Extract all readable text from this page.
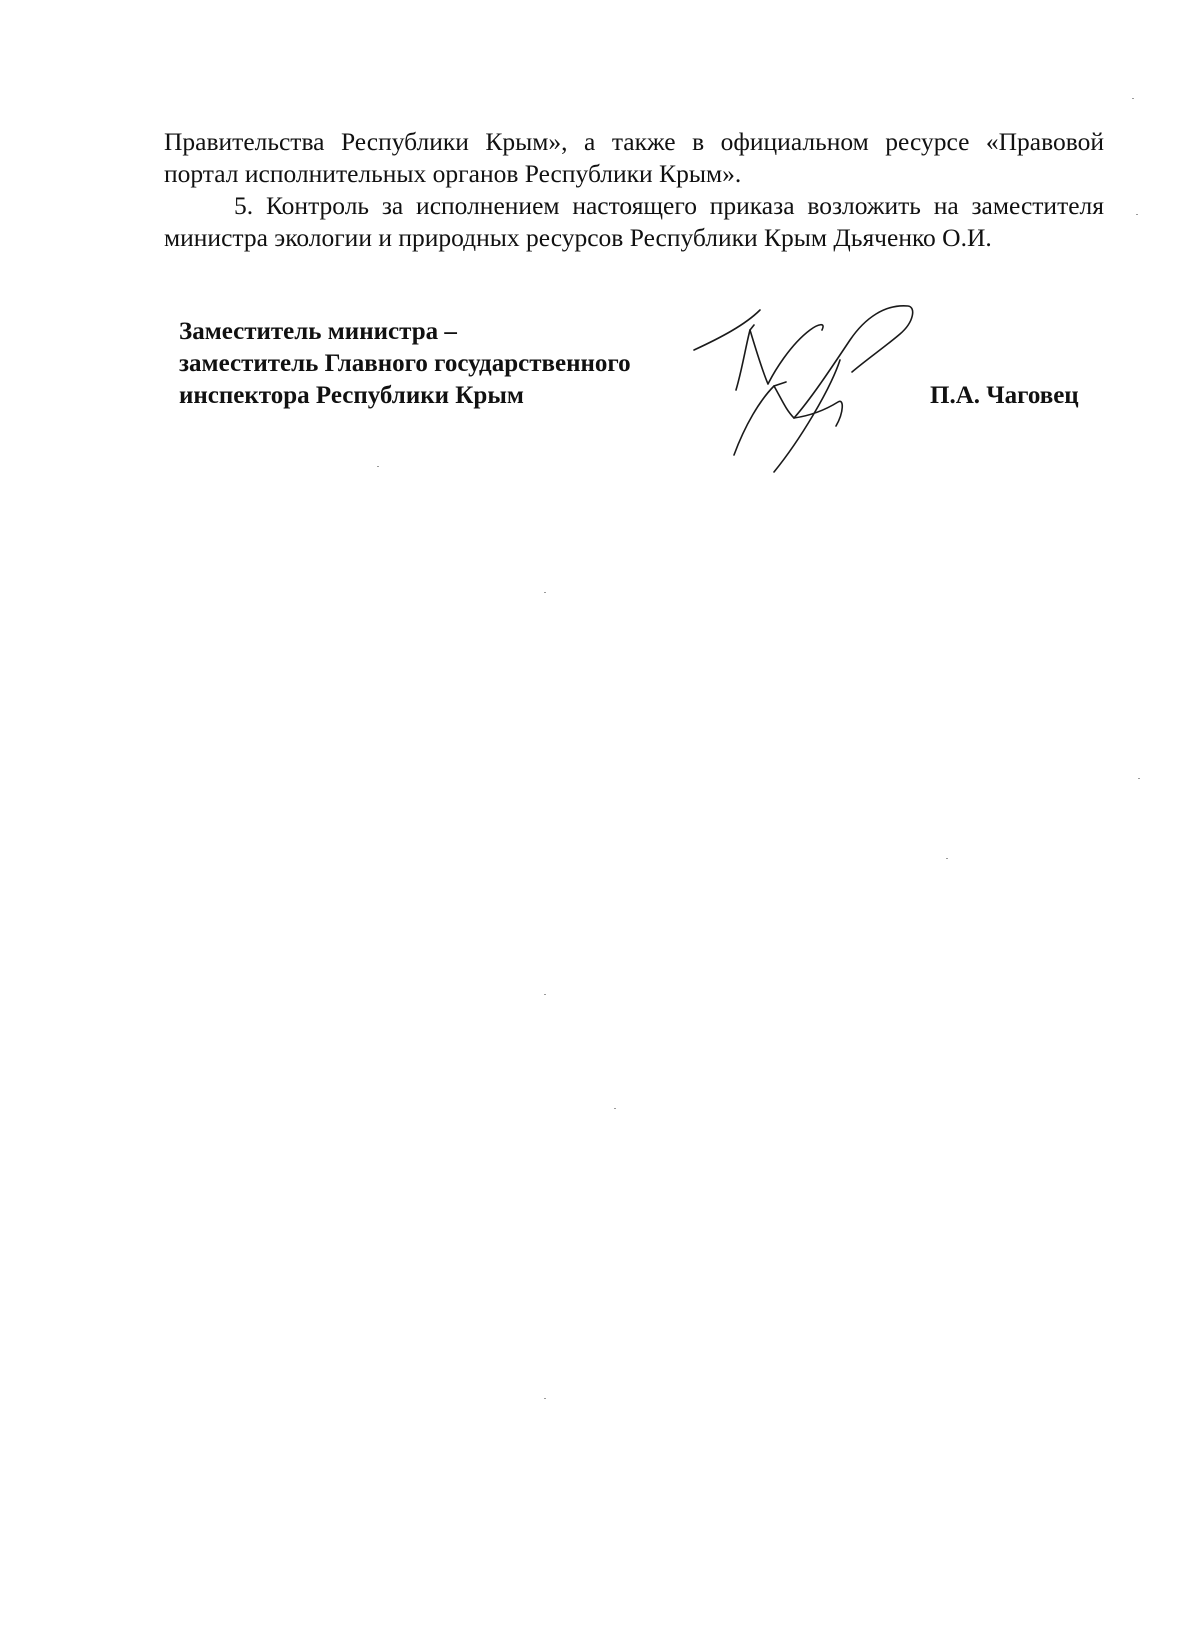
Правительства Республики Крым», а также в официальном ресурсе «Правовой
портал исполнительных органов Республики Крым».
5. Контроль за исполнением настоящего приказа возложить на заместителя
министра экологии и природных ресурсов Республики Крым Дьяченко О.И.
Заместитель министра –
заместитель Главного государственного
инспектора Республики Крым	П.А. Чаговец
